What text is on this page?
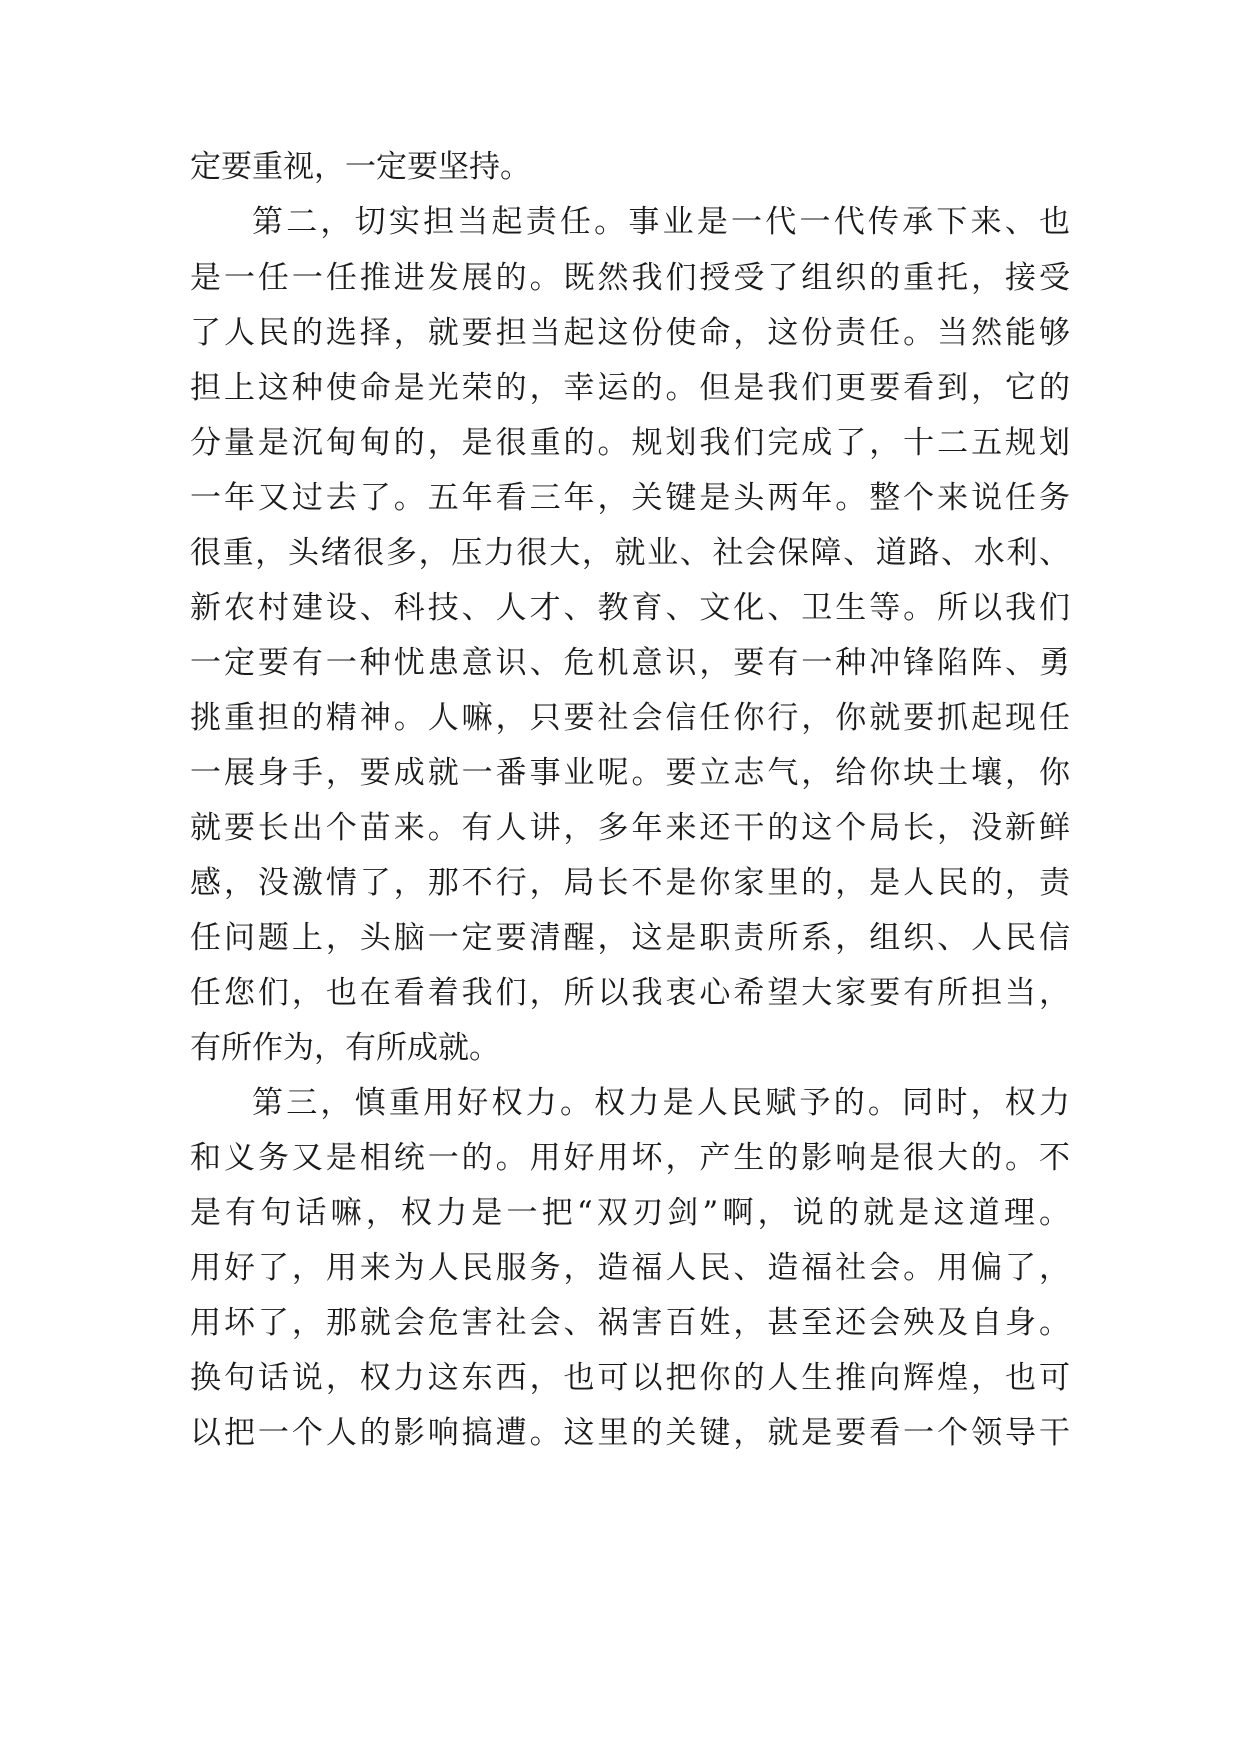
定要重视，一定要坚持。
第二，切实担当起责任。事业是一代一代传承下来、也
是一任一任推进发展的。既然我们授受了组织的重托，接受
了人民的选择，就要担当起这份使命，这份责任。当然能够
担上这种使命是光荣的，幸运的。但是我们更要看到，它的
分量是沉甸甸的，是很重的。规划我们完成了，十二五规划
一年又过去了。五年看三年，关键是头两年。整个来说任务
很重，头绪很多，压力很大，就业、社会保障、道路、水利、
新农村建设、科技、人才、教育、文化、卫生等。所以我们
一定要有一种忧患意识、危机意识，要有一种冲锋陷阵、勇
挑重担的精神。人嘛，只要社会信任你行，你就要抓起现任
一展身手，要成就一番事业呢。要立志气，给你块土壤，你
就要长出个苗来。有人讲，多年来还干的这个局长，没新鲜
感，没激情了，那不行，局长不是你家里的，是人民的，责
任问题上，头脑一定要清醒，这是职责所系，组织、人民信
任您们，也在看着我们，所以我衷心希望大家要有所担当，
有所作为，有所成就。
第三，慎重用好权力。权力是人民赋予的。同时，权力
和义务又是相统一的。用好用坏，产生的影响是很大的。不
是有句话嘛，权力是一把“双刃剑”啊，说的就是这道理。
用好了，用来为人民服务，造福人民、造福社会。用偏了，
用坏了，那就会危害社会、祸害百姓，甚至还会殃及自身。
换句话说，权力这东西，也可以把你的人生推向辉煌，也可
以把一个人的影响搞遭。这里的关键，就是要看一个领导干
